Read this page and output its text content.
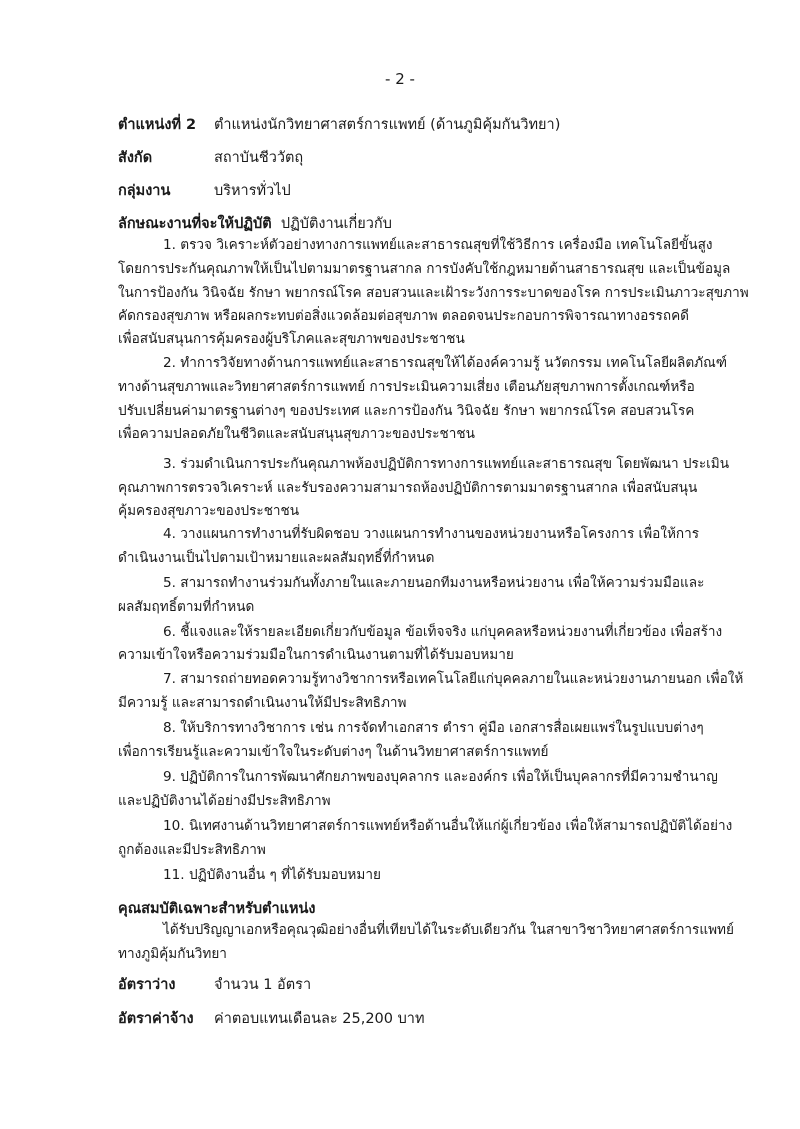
- 2 -
ตำแหน่งที่ 2 ตำแหน่งนักวิทยาศาสตร์การแพทย์ (ด้านภูมิคุ้มกันวิทยา)
สังกัด	สถาบันชีววัตถุ
กลุ่มงาน	บริหารทั่วไป
ลักษณะงานที่จะให้ปฏิบัติ ปฏิบัติงานเกี่ยวกับ
1. ตรวจ วิเคราะห์ตัวอย่างทางการแพทย์และสาธารณสุขที่ใช้วิธีการ เครื่องมือ เทคโนโลยีขั้นสูง
โดยการประกันคุณภาพให้เป็นไปตามมาตรฐานสากล การบังคับใช้กฎหมายด้านสาธารณสุข และเป็นข้อมูล
ในการป้องกัน วินิจฉัย รักษา พยากรณ์โรค สอบสวนและเฝ้าระวังการระบาดของโรค การประเมินภาวะสุขภาพ
คัดกรองสุขภาพ หรือผลกระทบต่อสิ่งแวดล้อมต่อสุขภาพ ตลอดจนประกอบการพิจารณาทางอรรถคดี
เพื่อสนับสนุนการคุ้มครองผู้บริโภคและสุขภาพของประชาชน
2. ทำการวิจัยทางด้านการแพทย์และสาธารณสุขให้ได้องค์ความรู้ นวัตกรรม เทคโนโลยีผลิตภัณฑ์
ทางด้านสุขภาพและวิทยาศาสตร์การแพทย์ การประเมินความเสี่ยง เตือนภัยสุขภาพการตั้งเกณฑ์หรือ
ปรับเปลี่ยนค่ามาตรฐานต่างๆ ของประเทศ และการป้องกัน วินิจฉัย รักษา พยากรณ์โรค สอบสวนโรค
เพื่อความปลอดภัยในชีวิตและสนับสนุนสุขภาวะของประชาชน
3. ร่วมดำเนินการประกันคุณภาพห้องปฏิบัติการทางการแพทย์และสาธารณสุข โดยพัฒนา ประเมิน
คุณภาพการตรวจวิเคราะห์ และรับรองความสามารถห้องปฏิบัติการตามมาตรฐานสากล เพื่อสนับสนุน
คุ้มครองสุขภาวะของประชาชน
4. วางแผนการทำงานที่รับผิดชอบ วางแผนการทำงานของหน่วยงานหรือโครงการ เพื่อให้การ
ดำเนินงานเป็นไปตามเป้าหมายและผลสัมฤทธิ์ที่กำหนด
5. สามารถทำงานร่วมกันทั้งภายในและภายนอกทีมงานหรือหน่วยงาน เพื่อให้ความร่วมมือและ
ผลสัมฤทธิ์ตามที่กำหนด
6. ชี้แจงและให้รายละเอียดเกี่ยวกับข้อมูล ข้อเท็จจริง แก่บุคคลหรือหน่วยงานที่เกี่ยวข้อง เพื่อสร้าง
ความเข้าใจหรือความร่วมมือในการดำเนินงานตามที่ได้รับมอบหมาย
7. สามารถถ่ายทอดความรู้ทางวิชาการหรือเทคโนโลยีแก่บุคคลภายในและหน่วยงานภายนอก เพื่อให้
มีความรู้ และสามารถดำเนินงานให้มีประสิทธิภาพ
8. ให้บริการทางวิชาการ เช่น การจัดทำเอกสาร ตำรา คู่มือ เอกสารสื่อเผยแพร่ในรูปแบบต่างๆ
เพื่อการเรียนรู้และความเข้าใจในระดับต่างๆ ในด้านวิทยาศาสตร์การแพทย์
9. ปฏิบัติการในการพัฒนาศักยภาพของบุคลากร และองค์กร เพื่อให้เป็นบุคลากรที่มีความชำนาญ
และปฏิบัติงานได้อย่างมีประสิทธิภาพ
10. นิเทศงานด้านวิทยาศาสตร์การแพทย์หรือด้านอื่นให้แก่ผู้เกี่ยวข้อง เพื่อให้สามารถปฏิบัติได้อย่าง
ถูกต้องและมีประสิทธิภาพ
11. ปฏิบัติงานอื่น ๆ ที่ได้รับมอบหมาย
คุณสมบัติเฉพาะสำหรับตำแหน่ง
ได้รับปริญญาเอกหรือคุณวุฒิอย่างอื่นที่เทียบได้ในระดับเดียวกัน ในสาขาวิชาวิทยาศาสตร์การแพทย์
ทางภูมิคุ้มกันวิทยา
อัตราว่าง	จำนวน 1 อัตรา
อัตราค่าจ้าง ค่าตอบแทนเดือนละ 25,200 บาท
